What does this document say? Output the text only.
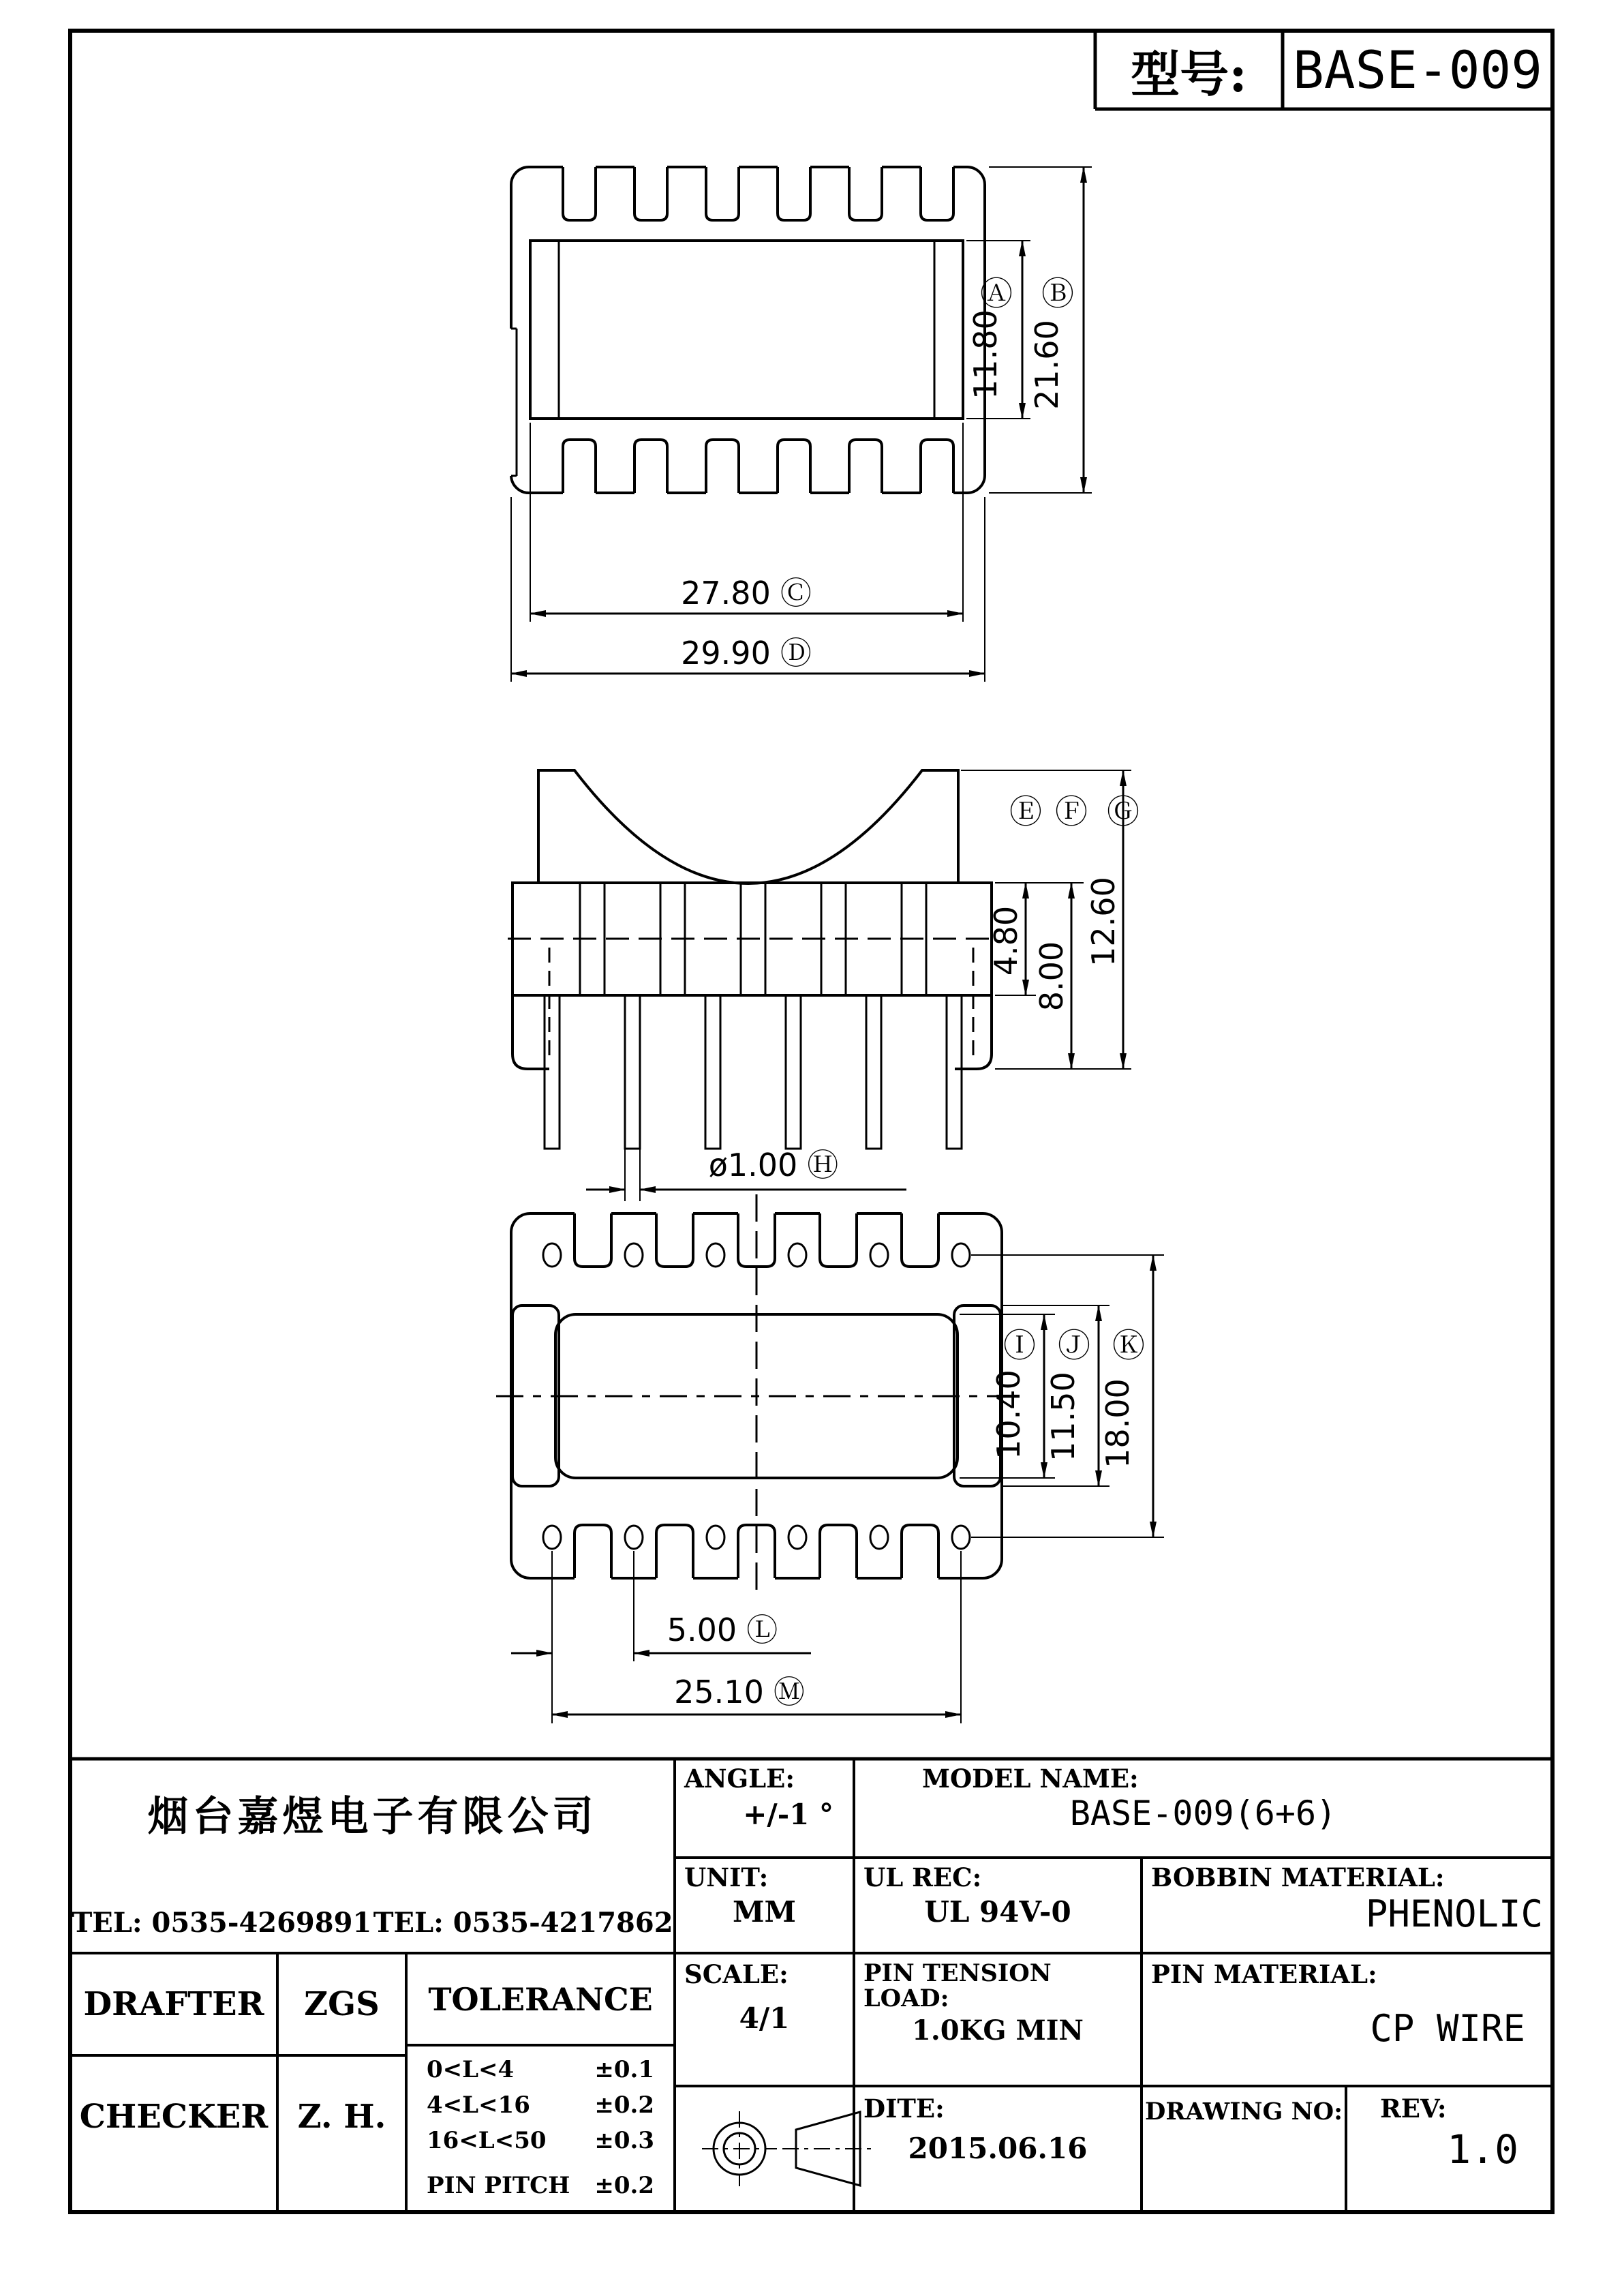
11.80
Ⓐ
21.60
Ⓑ
27.80 Ⓒ
29.90 Ⓓ
Ⓔ Ⓕ Ⓖ
4.80
8.00
12.60
ø1.00 Ⓗ
Ⓘ Ⓙ Ⓚ
10.40 11.50 18.00
5.00 Ⓛ
25.10 Ⓜ
型号: BASE-009
烟台嘉煜电子有限公司
TEL: 0535-4269891 TEL: 0535-4217862
ANGLE:
+/-1 °
MODEL NAME:
BASE-009(6+6)
UNIT:
MM
UL REC:
UL 94V-0
BOBBIN MATERIAL:
PHENOLIC
SCALE:
4/1
PIN TENSION LOAD:
1.0KG MIN
PIN MATERIAL:
CP WIRE
DITE:
2015.06.16
DRAWING NO:	REV:
1.0
DRAFTER	ZGS
CHECKER Z. H.
TOLERANCE
0<L<4	±0.1
4<L<16	±0.2
16<L<50 ±0.3
PIN PITCH ±0.2
